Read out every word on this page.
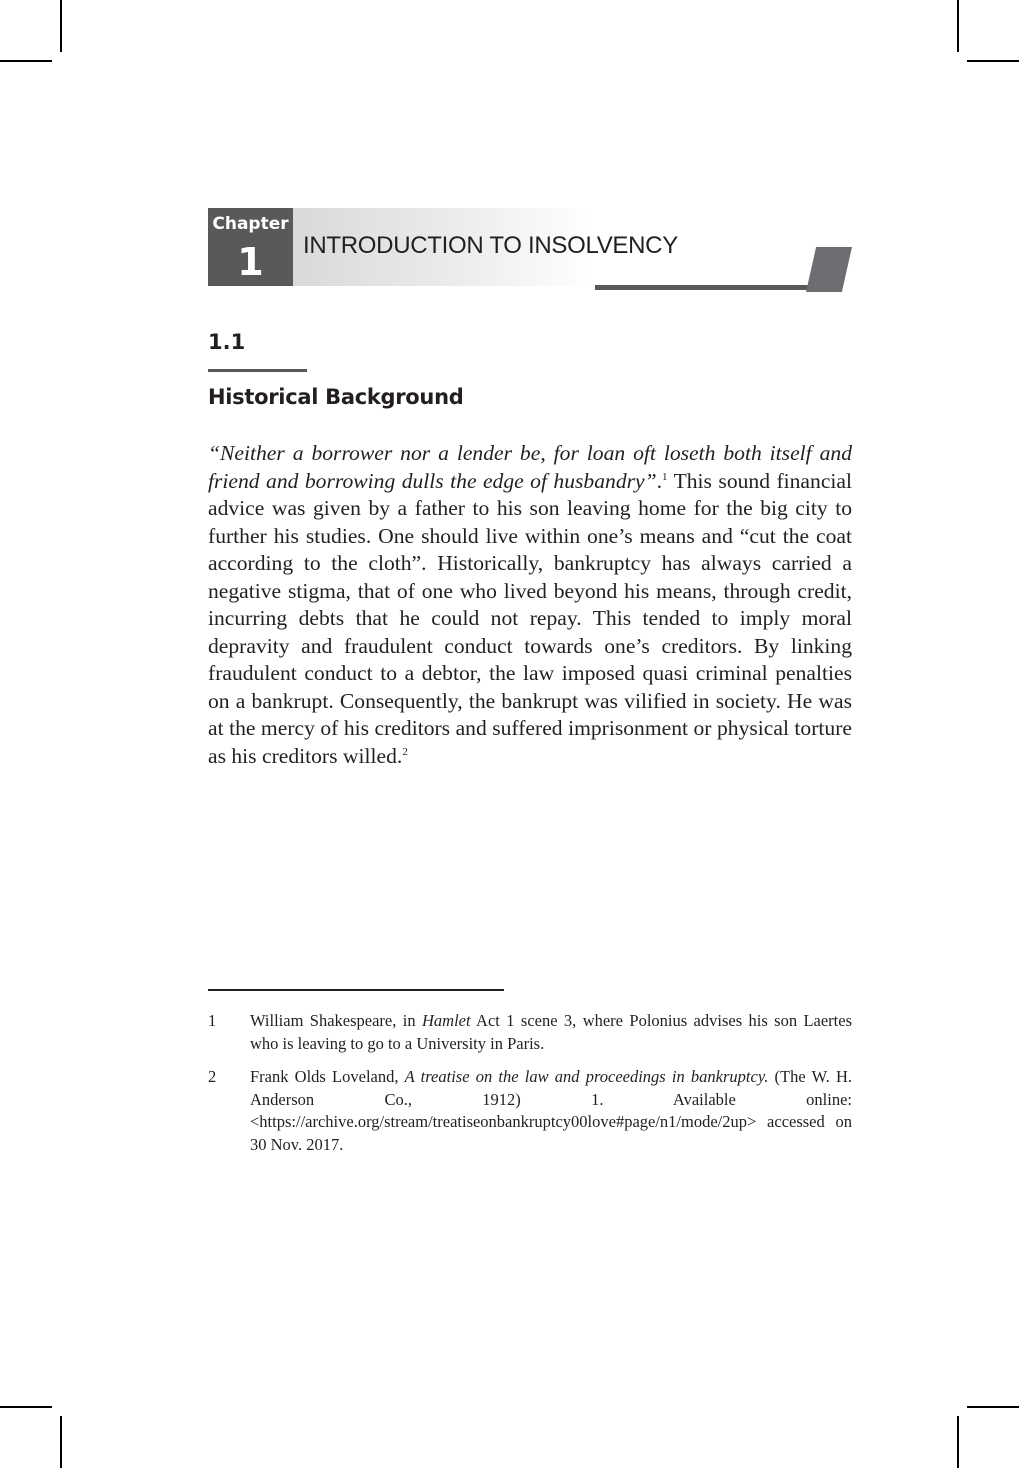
Chapter
1	INTRODUCTION TO INSOLVENCY
1.1
Historical Background

“Neither a borrower nor a lender be, for loan oft loseth both itself and friend and borrowing dulls the edge of husbandry”.$^1$ This sound financial advice was given by a father to his son leaving home for the big city to further his studies. One should live within one’s means and “cut the coat according to the cloth”. Historically, bankruptcy has always carried a negative stigma, that of one who lived beyond his means, through credit, incurring debts that he could not repay. This tended to imply moral depravity and fraudulent conduct towards one’s creditors. By linking fraudulent conduct to a debtor, the law imposed quasi criminal penalties on a bankrupt. Consequently, the bankrupt was vilified in society. He was at the mercy of his creditors and suffered imprisonment or physical torture as his creditors willed.$^2$

1 William Shakespeare, in Hamlet Act 1 scene 3, where Polonius advises his son Laertes who is leaving to go to a University in Paris.
2 Frank Olds Loveland, A treatise on the law and proceedings in bankruptcy. (The W. H. Anderson Co., 1912) 1. Available online: <https://archive.org/stream/treatiseonbankruptcy00love#page/n1/mode/2up> accessed on 30 Nov. 2017.
